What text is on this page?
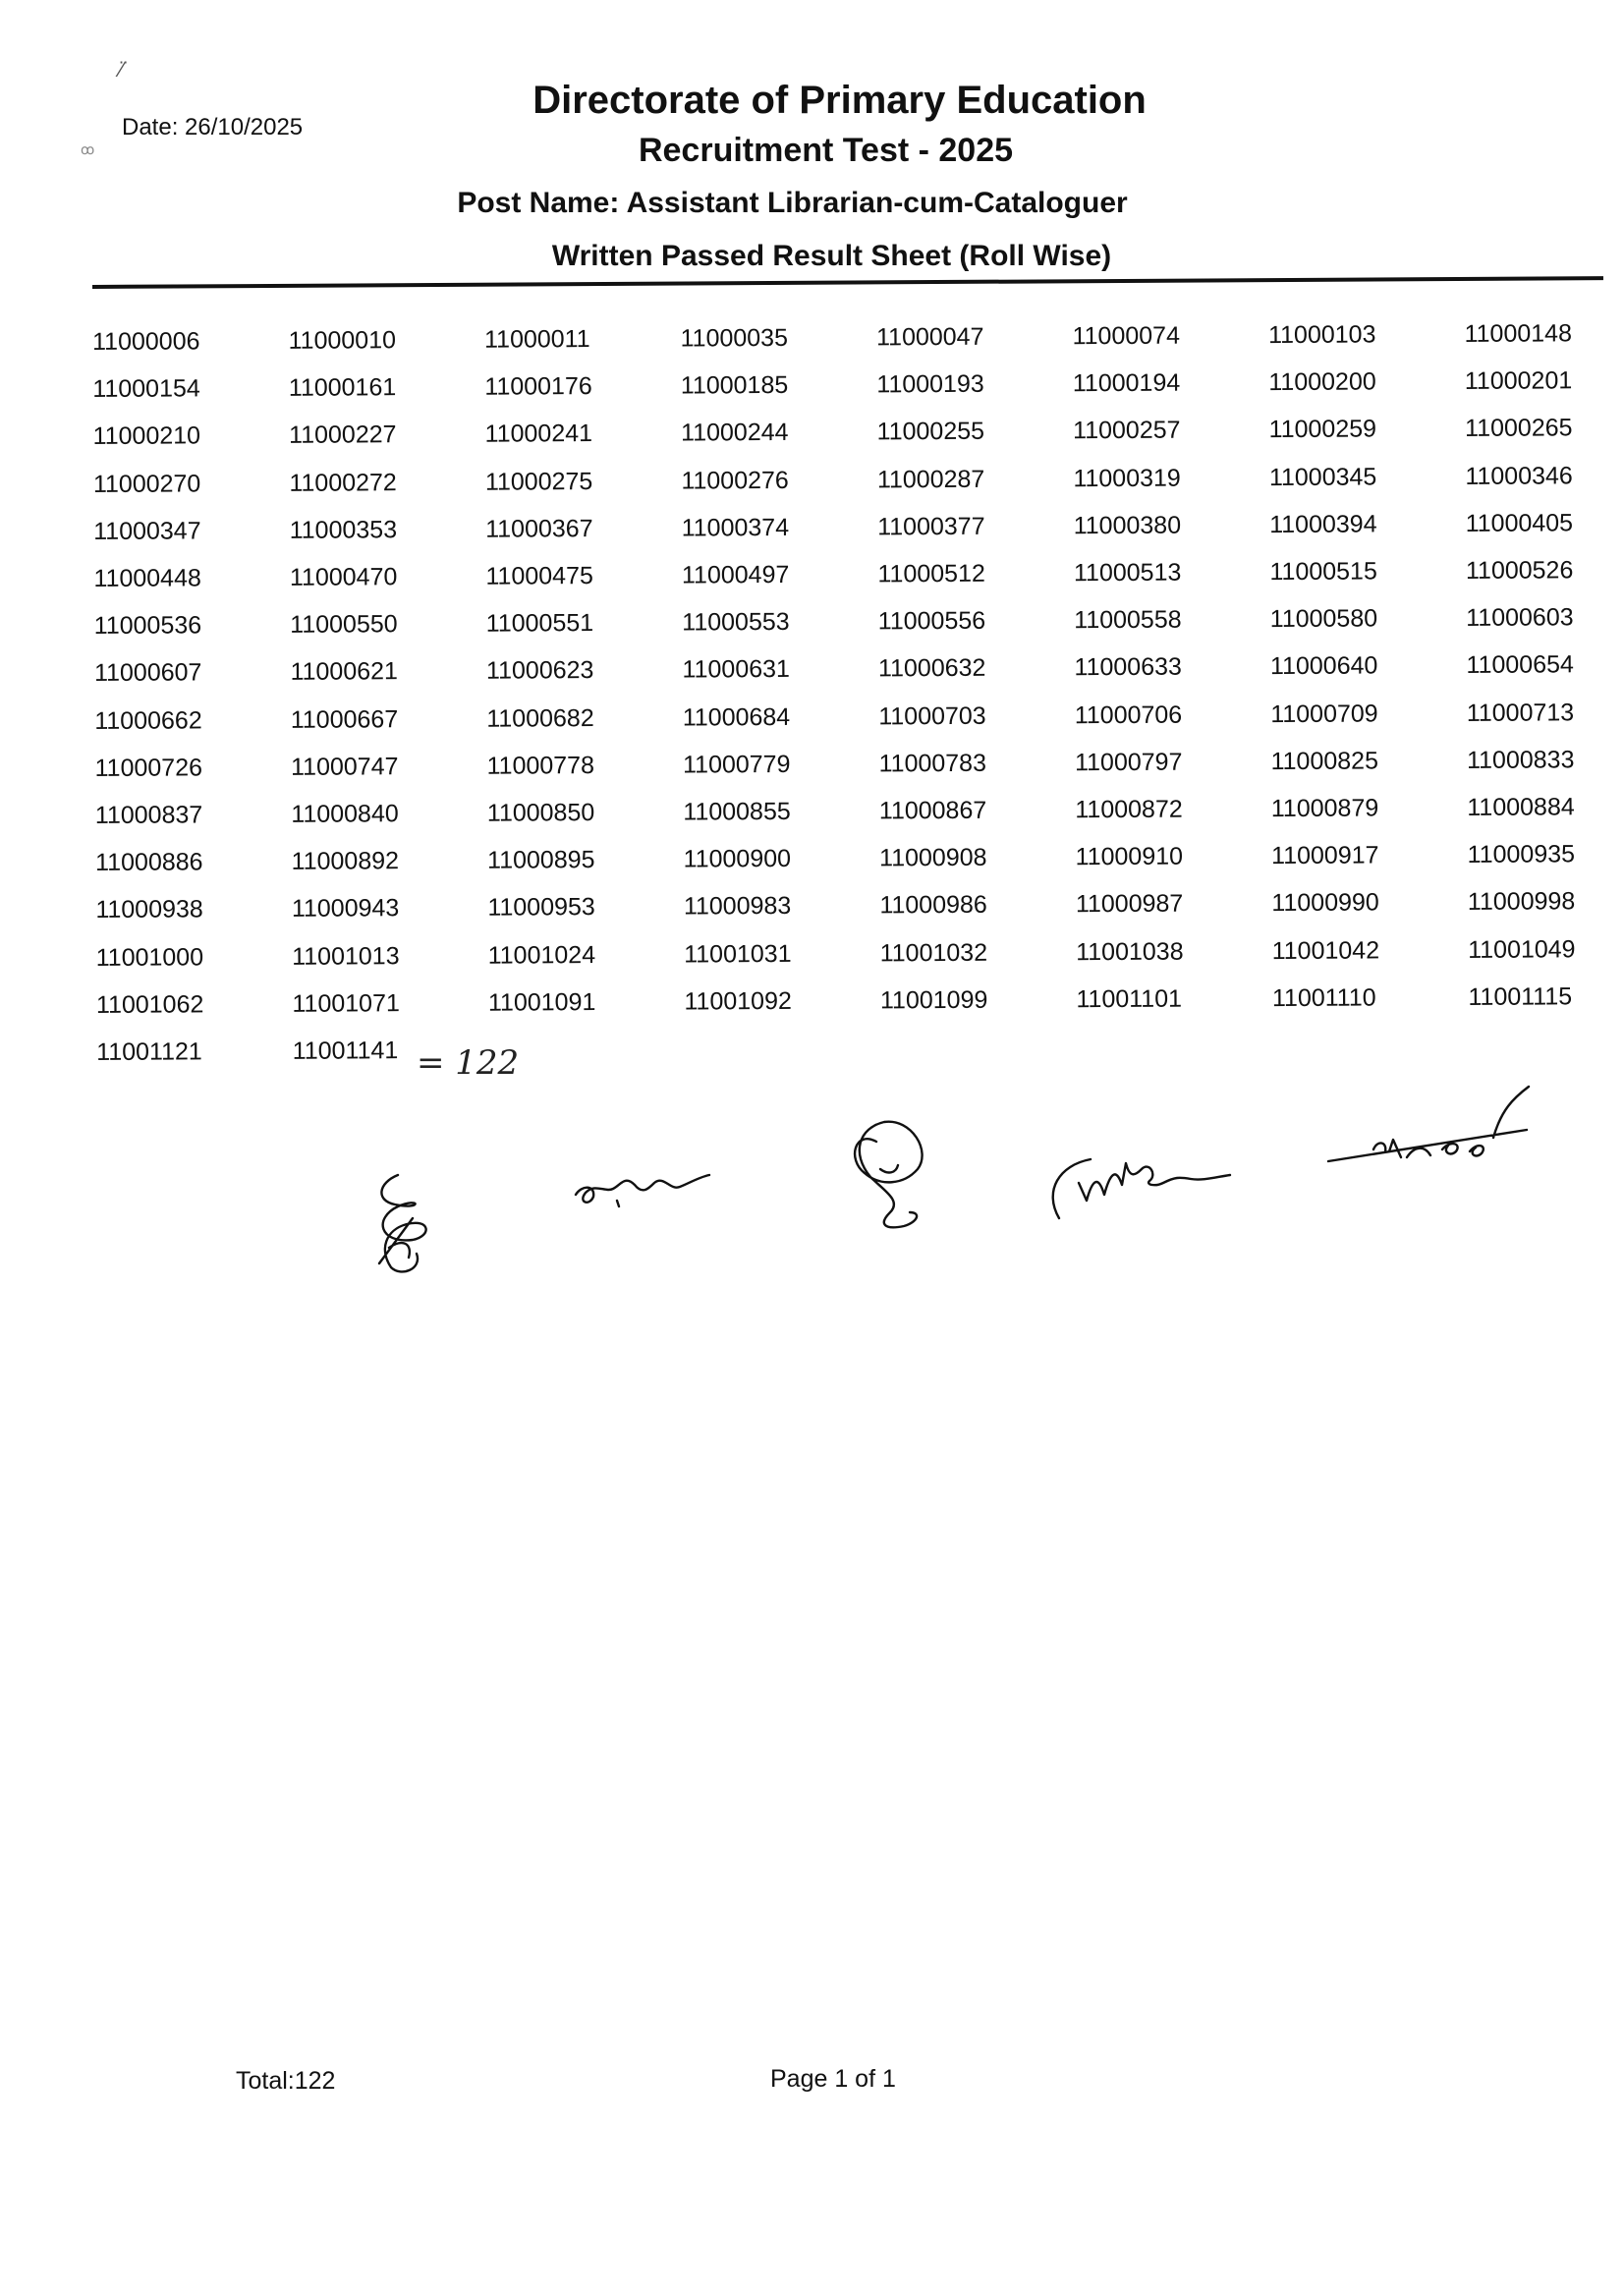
⁄̈
ꝏ
Date: 26/10/2025
Directorate of Primary Education
Recruitment Test - 2025
Post Name: Assistant Librarian-cum-Cataloguer
Written Passed Result Sheet (Roll Wise)
11000006	11000010	11000011	11000035	11000047	11000074	11000103	11000148
11000154	11000161	11000176	11000185	11000193	11000194	11000200	11000201
11000210	11000227	11000241	11000244	11000255	11000257	11000259	11000265
11000270	11000272	11000275	11000276	11000287	11000319	11000345	11000346
11000347	11000353	11000367	11000374	11000377	11000380	11000394	11000405
11000448	11000470	11000475	11000497	11000512	11000513	11000515	11000526
11000536	11000550	11000551	11000553	11000556	11000558	11000580	11000603
11000607	11000621	11000623	11000631	11000632	11000633	11000640	11000654
11000662	11000667	11000682	11000684	11000703	11000706	11000709	11000713
11000726	11000747	11000778	11000779	11000783	11000797	11000825	11000833
11000837	11000840	11000850	11000855	11000867	11000872	11000879	11000884
11000886	11000892	11000895	11000900	11000908	11000910	11000917	11000935
11000938	11000943	11000953	11000983	11000986	11000987	11000990	11000998
11001000	11001013	11001024	11001031	11001032	11001038	11001042	11001049
11001062	11001071	11001091	11001092	11001099	11001101	11001110	11001115
11001121	11001141 = 122
Total:122	Page 1 of 1
